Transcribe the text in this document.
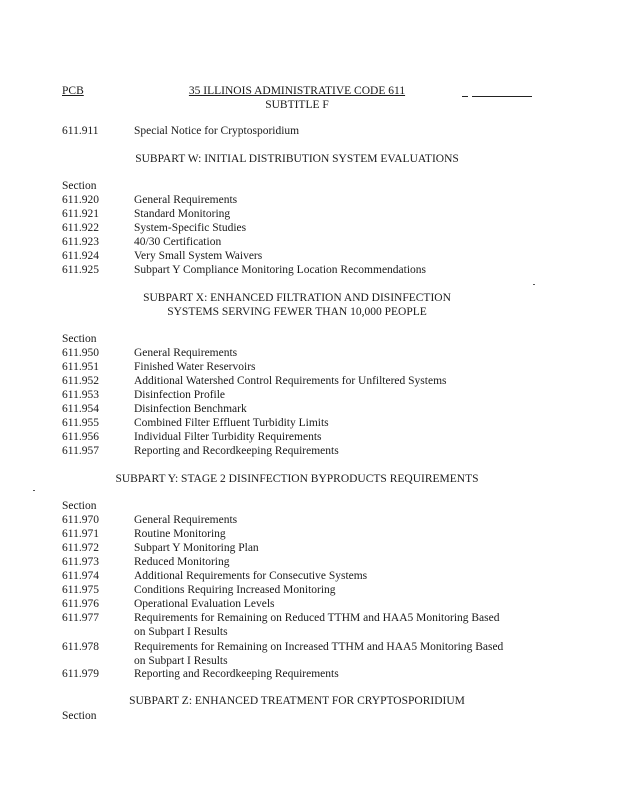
PCB	35 ILLINOIS ADMINISTRATIVE CODE 611
SUBTITLE F
611.911	Special Notice for Cryptosporidium
SUBPART W: INITIAL DISTRIBUTION SYSTEM EVALUATIONS
Section
611.920	General Requirements
611.921	Standard Monitoring
611.922	System-Specific Studies
611.923	40/30 Certification
611.924	Very Small System Waivers
611.925	Subpart Y Compliance Monitoring Location Recommendations
SUBPART X: ENHANCED FILTRATION AND DISINFECTION
SYSTEMS SERVING FEWER THAN 10,000 PEOPLE
Section
611.950	General Requirements
611.951	Finished Water Reservoirs
611.952	Additional Watershed Control Requirements for Unfiltered Systems
611.953	Disinfection Profile
611.954	Disinfection Benchmark
611.955	Combined Filter Effluent Turbidity Limits
611.956	Individual Filter Turbidity Requirements
611.957	Reporting and Recordkeeping Requirements
SUBPART Y: STAGE 2 DISINFECTION BYPRODUCTS REQUIREMENTS
Section
611.970	General Requirements
611.971	Routine Monitoring
611.972	Subpart Y Monitoring Plan
611.973	Reduced Monitoring
611.974	Additional Requirements for Consecutive Systems
611.975	Conditions Requiring Increased Monitoring
611.976	Operational Evaluation Levels
611.977	Requirements for Remaining on Reduced TTHM and HAA5 Monitoring Based
on Subpart I Results
611.978	Requirements for Remaining on Increased TTHM and HAA5 Monitoring Based
on Subpart I Results
611.979	Reporting and Recordkeeping Requirements
SUBPART Z: ENHANCED TREATMENT FOR CRYPTOSPORIDIUM
Section
